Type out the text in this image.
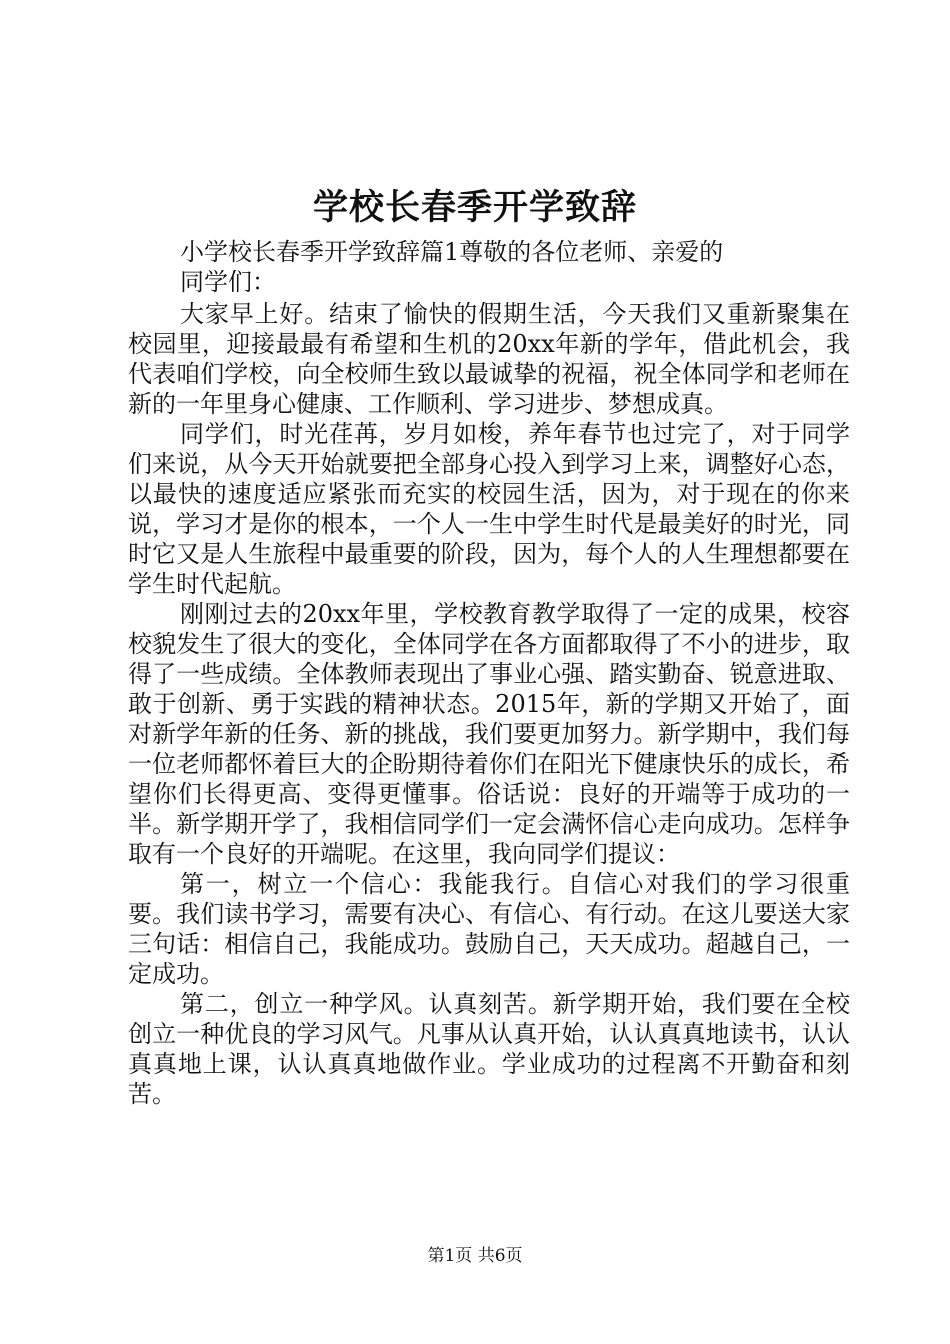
学校长春季开学致辞
小学校长春季开学致辞篇1尊敬的各位老师、亲爱的
同学们：

大家早上好。结束了愉快的假期生活，今天我们又重新聚集在校园里，迎接最最有希望和生机的20xx年新的学年，借此机会，我代表咱们学校，向全校师生致以最诚挚的祝福，祝全体同学和老师在新的一年里身心健康、工作顺利、学习进步、梦想成真。

同学们，时光荏苒，岁月如梭，养年春节也过完了，对于同学们来说，从今天开始就要把全部身心投入到学习上来，调整好心态，以最快的速度适应紧张而充实的校园生活，因为，对于现在的你来说，学习才是你的根本，一个人一生中学生时代是最美好的时光，同时它又是人生旅程中最重要的阶段，因为，每个人的人生理想都要在学生时代起航。

刚刚过去的20xx年里，学校教育教学取得了一定的成果，校容校貌发生了很大的变化，全体同学在各方面都取得了不小的进步，取得了一些成绩。全体教师表现出了事业心强、踏实勤奋、锐意进取、敢于创新、勇于实践的精神状态。2015年，新的学期又开始了，面对新学年新的任务、新的挑战，我们要更加努力。新学期中，我们每一位老师都怀着巨大的企盼期待着你们在阳光下健康快乐的成长，希望你们长得更高、变得更懂事。俗话说：良好的开端等于成功的一半。新学期开学了，我相信同学们一定会满怀信心走向成功。怎样争取有一个良好的开端呢。在这里，我向同学们提议：

第一，树立一个信心：我能我行。自信心对我们的学习很重要。我们读书学习，需要有决心、有信心、有行动。在这儿要送大家三句话：相信自己，我能成功。鼓励自己，天天成功。超越自己，一定成功。

第二，创立一种学风。认真刻苦。新学期开始，我们要在全校创立一种优良的学习风气。凡事从认真开始，认认真真地读书，认认真真地上课，认认真真地做作业。学业成功的过程离不开勤奋和刻苦。

第1页 共6页
